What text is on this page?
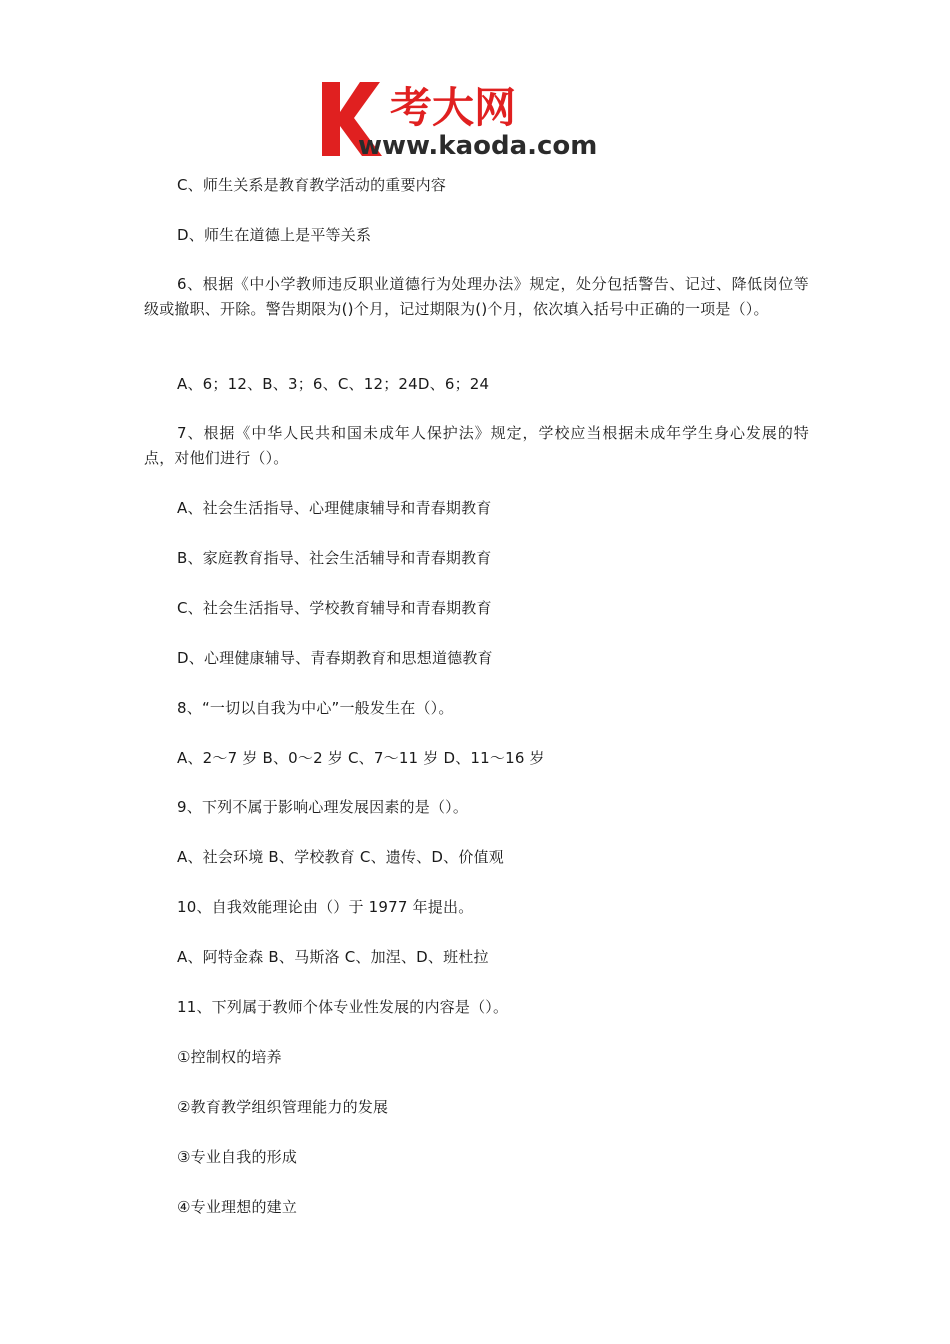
考大网
www.kaoda.com
C、师生关系是教育教学活动的重要内容
D、师生在道德上是平等关系
6、根据《中小学教师违反职业道德行为处理办法》规定，处分包括警告、记过、降低岗位等级或撤职、开除。警告期限为()个月，记过期限为()个月，依次填入括号中正确的一项是（）。
A、6；12、B、3；6、C、12；24D、6；24
7、根据《中华人民共和国未成年人保护法》规定，学校应当根据未成年学生身心发展的特点，对他们进行（）。
A、社会生活指导、心理健康辅导和青春期教育
B、家庭教育指导、社会生活辅导和青春期教育
C、社会生活指导、学校教育辅导和青春期教育
D、心理健康辅导、青春期教育和思想道德教育
8、“一切以自我为中心”一般发生在（）。
A、2～7 岁 B、0～2 岁 C、7～11 岁 D、11～16 岁
9、下列不属于影响心理发展因素的是（）。
A、社会环境 B、学校教育 C、遗传、D、价值观
10、自我效能理论由（）于 1977 年提出。
A、阿特金森 B、马斯洛 C、加涅、D、班杜拉
11、下列属于教师个体专业性发展的内容是（）。
①控制权的培养
②教育教学组织管理能力的发展
③专业自我的形成
④专业理想的建立
